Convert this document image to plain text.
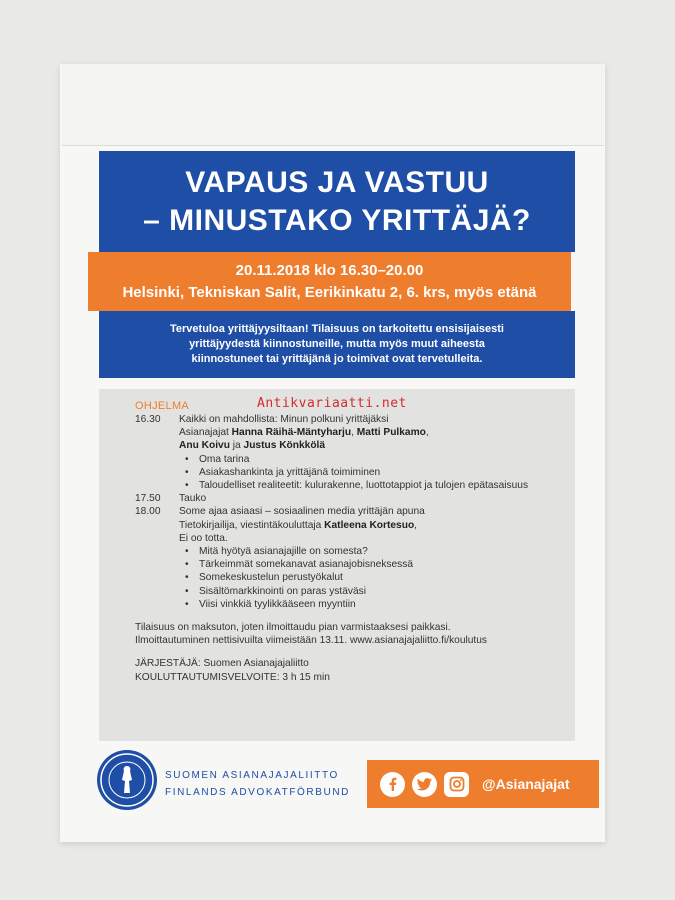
VAPAUS JA VASTUU
– MINUSTAKO YRITTÄJÄ?
20.11.2018 klo 16.30–20.00
Helsinki, Tekniskan Salit, Eerikinkatu 2, 6. krs, myös etänä
Tervetuloa yrittäjyysiltaan! Tilaisuus on tarkoitettu ensisijaisesti
yrittäjyydestä kiinnostuneille, mutta myös muut aiheesta
kiinnostuneet tai yrittäjänä jo toimivat ovat tervetulleita.
OHJELMA
16.30	Kaikki on mahdollista: Minun polkuni yrittäjäksi
Asianajajat Hanna Räihä-Mäntyharju, Matti Pulkamo,
Anu Koivu ja Justus Könkkölä
• Oma tarina
• Asiakashankinta ja yrittäjänä toimiminen
• Taloudelliset realiteetit: kulurakenne, luottotappiot ja tulojen epätasaisuus
17.50	Tauko
18.00	Some ajaa asiaasi – sosiaalinen media yrittäjän apuna
Tietokirjailija, viestintäkouluttaja Katleena Kortesuo,
Ei oo totta.
• Mitä hyötyä asianajajille on somesta?
• Tärkeimmät somekanavat asianajobisneksessä
• Somekeskustelun perustyökalut
• Sisältömarkkinointi on paras ystäväsi
• Viisi vinkkiä tyylikkääseen myyntiin
Tilaisuus on maksuton, joten ilmoittaudu pian varmistaaksesi paikkasi.
Ilmoittautuminen nettisivuilta viimeistään 13.11. www.asianajajaliitto.fi/koulutus
JÄRJESTÄJÄ: Suomen Asianajajaliitto
KOULUTTAUTUMISVELVOITE: 3 h 15 min
Antikvariaatti.net
SUOMEN ASIANAJAJALIITTO
FINLANDS ADVOKATFÖRBUND
@Asianajajat
